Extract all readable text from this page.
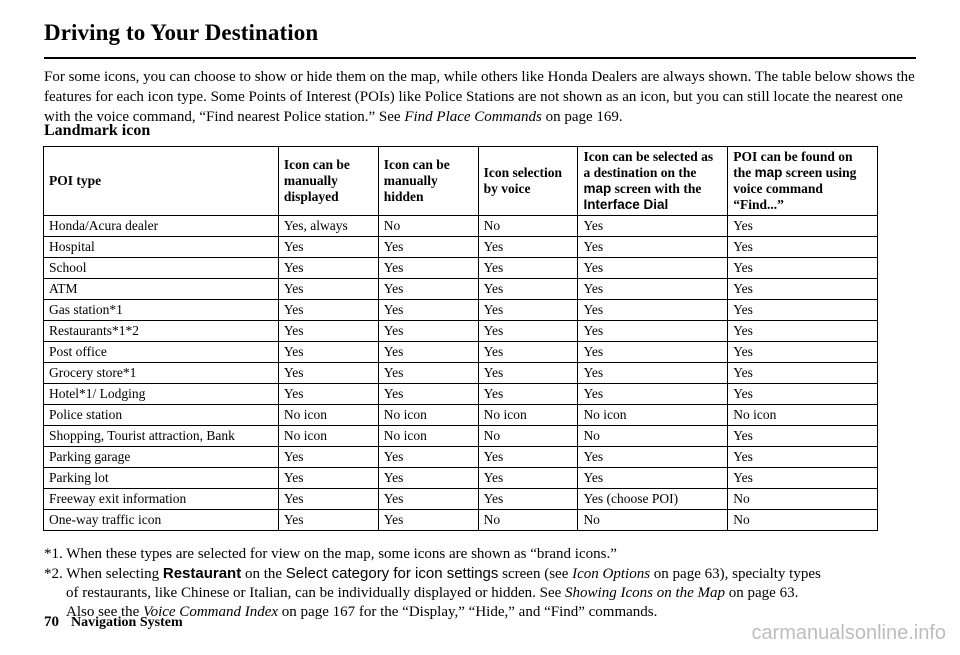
Driving to Your Destination

For some icons, you can choose to show or hide them on the map, while others like Honda Dealers are always shown. The table below shows the features for each icon type. Some Points of Interest (POIs) like Police Stations are not shown as an icon, but you can still locate the nearest one with the voice command, “Find nearest Police station.” See Find Place Commands on page 169.

Landmark icon
POI type	Icon can be manually displayed	Icon can be manually hidden	Icon selection by voice	Icon can be selected as a destination on the map screen with the Interface Dial	POI can be found on the map screen using voice command “Find...”
Honda/Acura dealer	Yes, always	No	No	Yes	Yes
Hospital	Yes	Yes	Yes	Yes	Yes
School	Yes	Yes	Yes	Yes	Yes
ATM	Yes	Yes	Yes	Yes	Yes
Gas station*1	Yes	Yes	Yes	Yes	Yes
Restaurants*1*2	Yes	Yes	Yes	Yes	Yes
Post office	Yes	Yes	Yes	Yes	Yes
Grocery store*1	Yes	Yes	Yes	Yes	Yes
Hotel*1/ Lodging	Yes	Yes	Yes	Yes	Yes
Police station	No icon	No icon	No icon	No icon	No icon
Shopping, Tourist attraction, Bank	No icon	No icon	No	No	Yes
Parking garage	Yes	Yes	Yes	Yes	Yes
Parking lot	Yes	Yes	Yes	Yes	Yes
Freeway exit information	Yes	Yes	Yes	Yes (choose POI)	No
One-way traffic icon	Yes	Yes	No	No	No

*1. When these types are selected for view on the map, some icons are shown as “brand icons.”

*2. When selecting Restaurant on the Select category for icon settings screen (see Icon Options on page 63), specialty types

of restaurants, like Chinese or Italian, can be individually displayed or hidden. See Showing Icons on the Map on page 63.

Also see the Voice Command Index on page 167 for the “Display,” “Hide,” and “Find” commands.

70 Navigation System	carmanualsonline.info
